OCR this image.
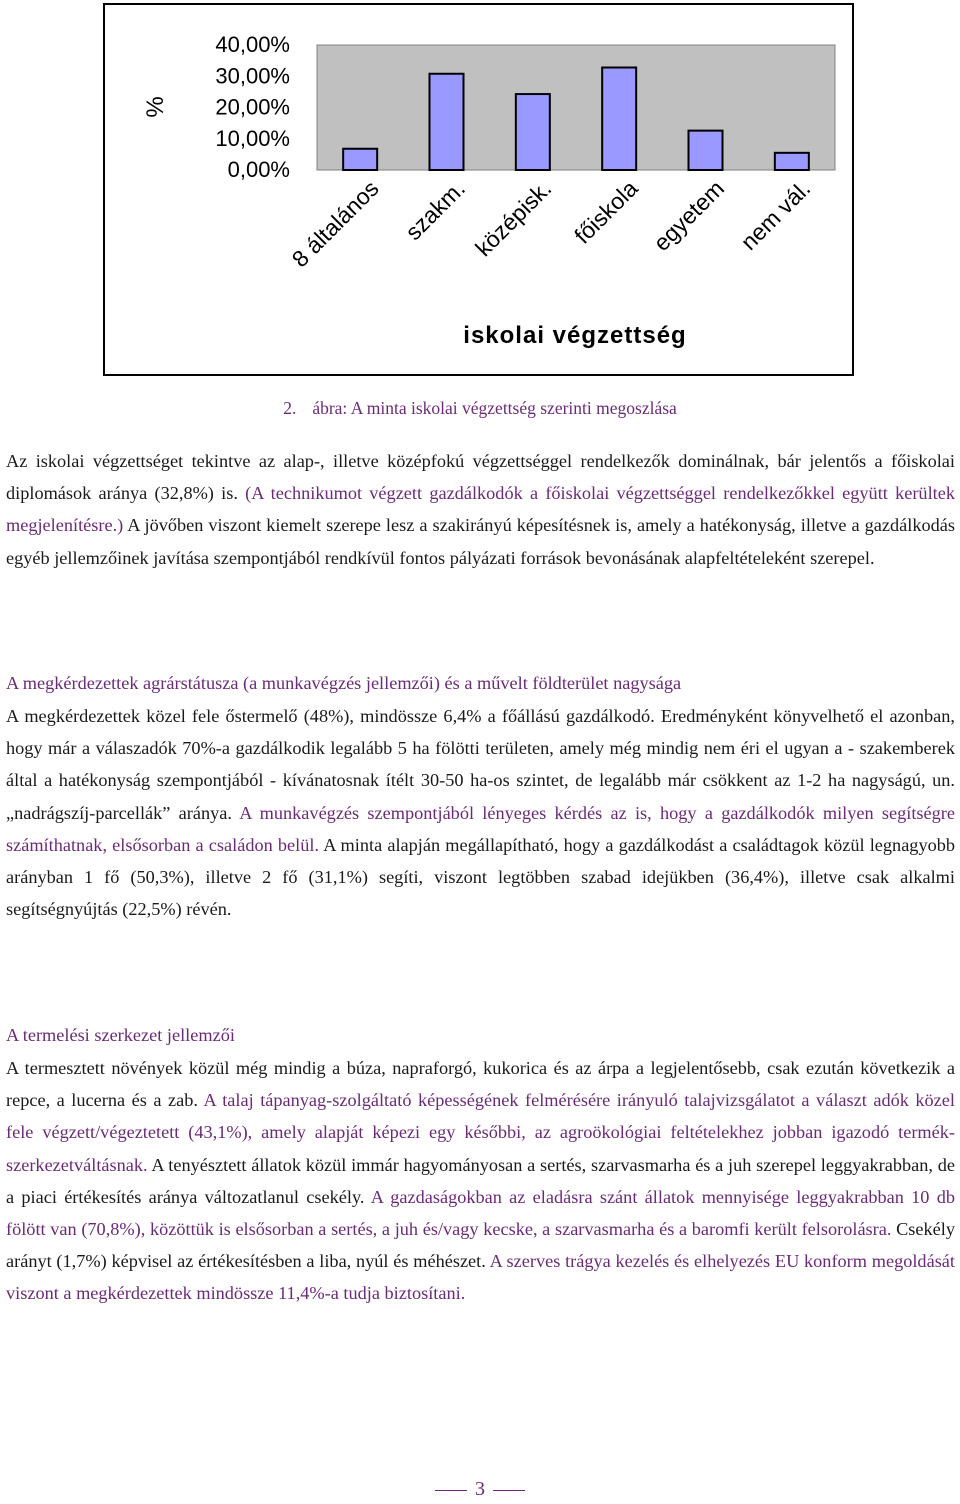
40,00%
30,00%
20,00%
10,00%
0,00%
%
8 általános szakm. középisk. főiskola egyetem nem vál.
iskolai végzettség
2. ábra: A minta iskolai végzettség szerinti megoszlása

Az iskolai végzettséget tekintve az alap-, illetve középfokú végzettséggel rendelkezők dominálnak, bár jelentős a főiskolai diplomások aránya (32,8%) is. (A technikumot végzett gazdálkodók a főiskolai végzettséggel rendelkezőkkel együtt kerültek megjelenítésre.) A jövőben viszont kiemelt szerepe lesz a szakirányú képesítésnek is, amely a hatékonyság, illetve a gazdálkodás egyéb jellemzőinek javítása szempontjából rendkívül fontos pályázati források bevonásának alapfeltételeként szerepel.

A megkérdezettek agrárstátusza (a munkavégzés jellemzői) és a művelt földterület nagysága

A megkérdezettek közel fele őstermelő (48%), mindössze 6,4% a főállású gazdálkodó. Eredményként könyvelhető el azonban, hogy már a válaszadók 70%-a gazdálkodik legalább 5 ha fölötti területen, amely még mindig nem éri el ugyan a - szakemberek által a hatékonyság szempontjából - kívánatosnak ítélt 30-50 ha-os szintet, de legalább már csökkent az 1-2 ha nagyságú, un. „nadrágszíj-parcellák” aránya. A munkavégzés szempontjából lényeges kérdés az is, hogy a gazdálkodók milyen segítségre számíthatnak, elsősorban a családon belül. A minta alapján megállapítható, hogy a gazdálkodást a családtagok közül legnagyobb arányban 1 fő (50,3%), illetve 2 fő (31,1%) segíti, viszont legtöbben szabad idejükben (36,4%), illetve csak alkalmi segítségnyújtás (22,5%) révén.

A termelési szerkezet jellemzői

A termesztett növények közül még mindig a búza, napraforgó, kukorica és az árpa a legjelentősebb, csak ezután következik a repce, a lucerna és a zab. A talaj tápanyag-szolgáltató képességének felmérésére irányuló talajvizsgálatot a választ adók közel fele végzett/végeztetett (43,1%), amely alapját képezi egy későbbi, az agroökológiai feltételekhez jobban igazodó termék-szerkezetváltásnak. A tenyésztett állatok közül immár hagyományosan a sertés, szarvasmarha és a juh szerepel leggyakrabban, de a piaci értékesítés aránya változatlanul csekély. A gazdaságokban az eladásra szánt állatok mennyisége leggyakrabban 10 db fölött van (70,8%), közöttük is elsősorban a sertés, a juh és/vagy kecske, a szarvasmarha és a baromfi került felsorolásra. Csekély arányt (1,7%) képvisel az értékesítésben a liba, nyúl és méhészet. A szerves trágya kezelés és elhelyezés EU konform megoldását viszont a megkérdezettek mindössze 11,4%-a tudja biztosítani.

3
